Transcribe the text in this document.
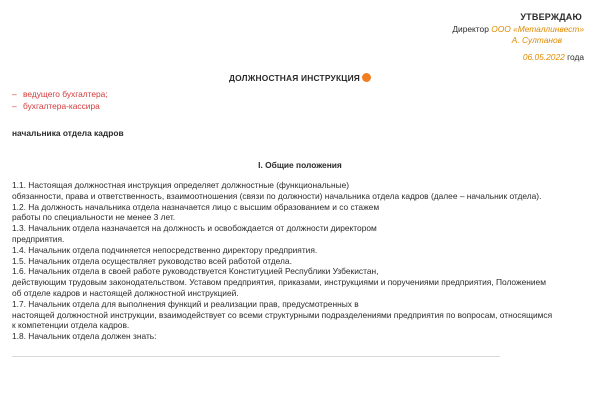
УТВЕРЖДАЮ
Директор ООО «Металлинвест»
А. Султанов
06.05.2022 года
ДОЛЖНОСТНАЯ ИНСТРУКЦИЯ
– ведущего бухгалтера;
– бухгалтера-кассира
начальника отдела кадров
I. Общие положения
1.1. Настоящая должностная инструкция определяет должностные (функциональные)
обязанности, права и ответственность, взаимоотношения (связи по должности) начальника отдела кадров (далее – начальник отдела).
1.2. На должность начальника отдела назначается лицо с высшим образованием и со стажем
работы по специальности не менее 3 лет.
1.3. Начальник отдела назначается на должность и освобождается от должности директором
предприятия.
1.4. Начальник отдела подчиняется непосредственно директору предприятия.
1.5. Начальник отдела осуществляет руководство всей работой отдела.
1.6. Начальник отдела в своей работе руководствуется Конституцией Республики Узбекистан,
действующим трудовым законодательством. Уставом предприятия, приказами, инструкциями и поручениями предприятия, Положением
об отделе кадров и настоящей должностной инструкцией.
1.7. Начальник отдела для выполнения функций и реализации прав, предусмотренных в
настоящей должностной инструкции, взаимодействует со всеми структурными подразделениями предприятия по вопросам, относящимся
к компетенции отдела кадров.
1.8. Начальник отдела должен знать:
